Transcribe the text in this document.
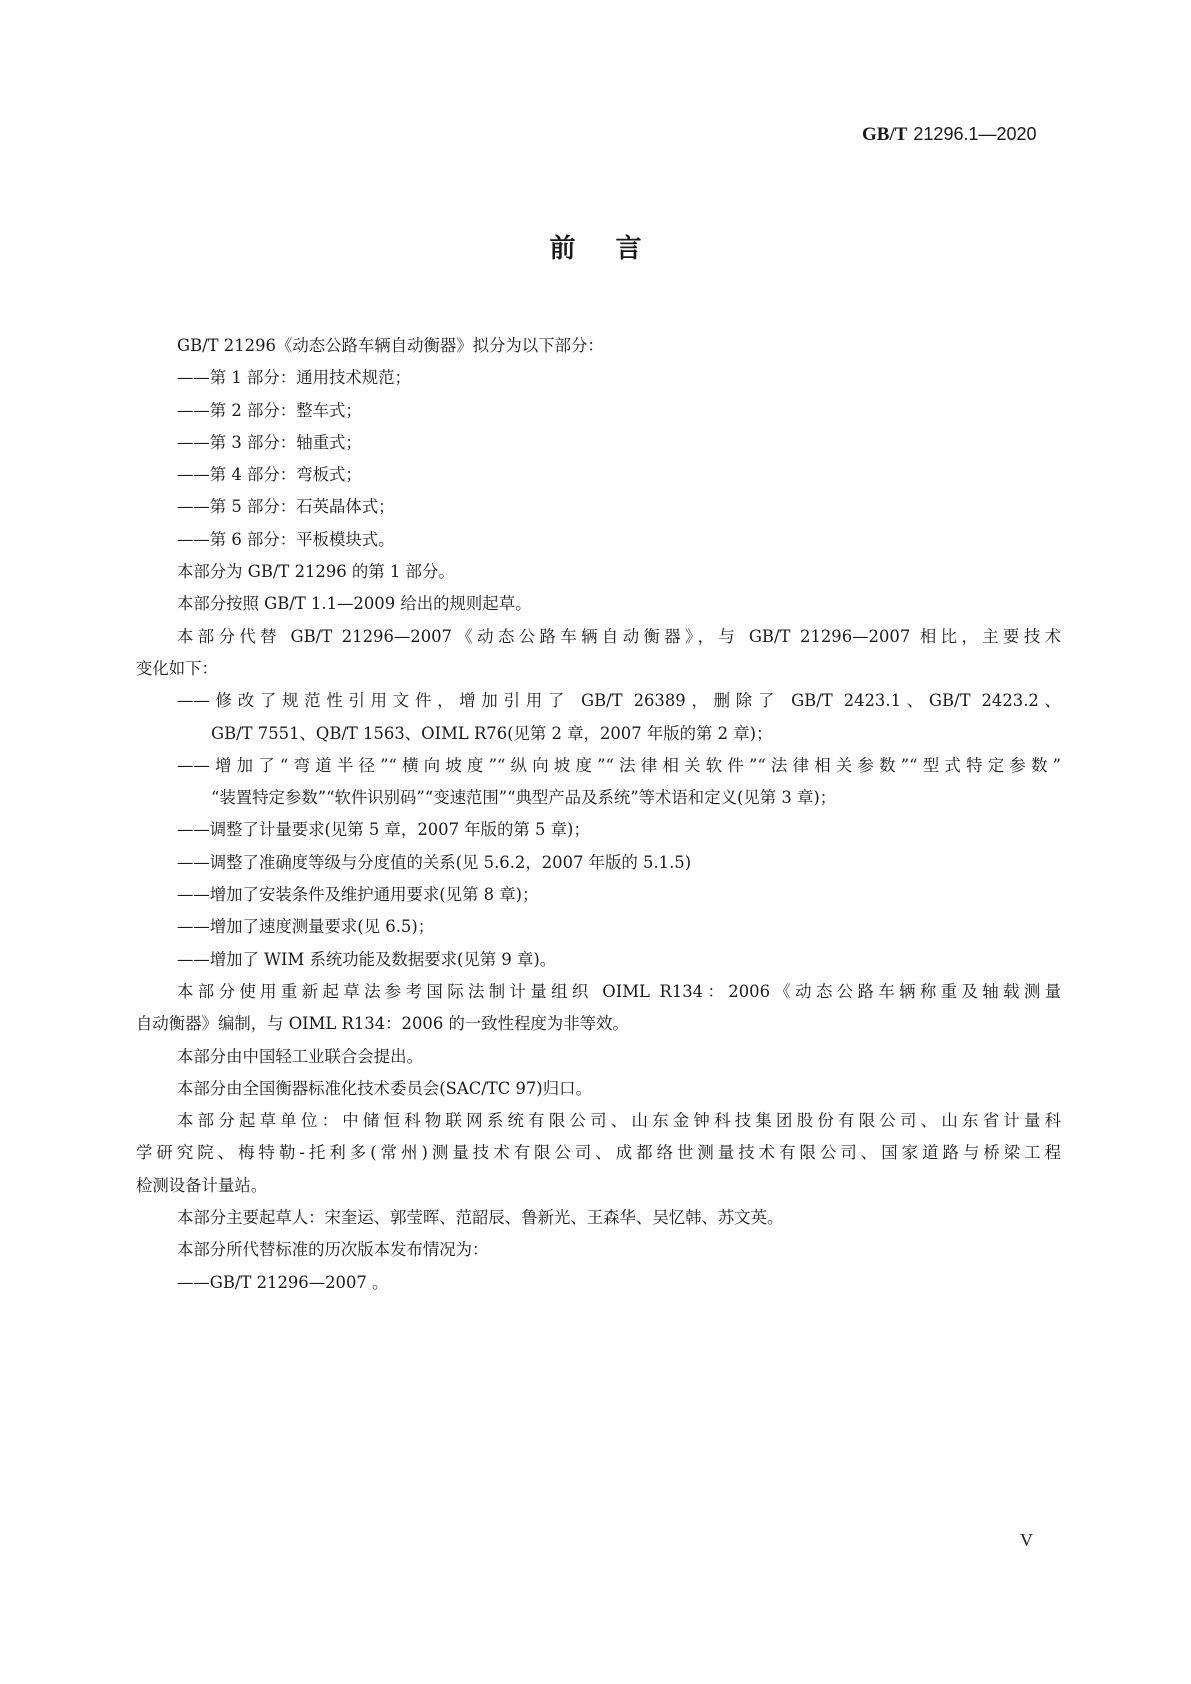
GB/T 21296.1—2020
前言
GB/T 21296《动态公路车辆自动衡器》拟分为以下部分：
——第 1 部分：通用技术规范；
——第 2 部分：整车式；
——第 3 部分：轴重式；
——第 4 部分：弯板式；
——第 5 部分：石英晶体式；
——第 6 部分：平板模块式。
本部分为 GB/T 21296 的第 1 部分。
本部分按照 GB/T 1.1—2009 给出的规则起草。
本部分代替 GB/T 21296—2007《动态公路车辆自动衡器》，与 GB/T 21296—2007 相比，主要技术
变化如下：
——修改了规范性引用文件，增加引用了 GB/T 26389，删除了 GB/T 2423.1、GB/T 2423.2、
GB/T 7551、QB/T 1563、OIML R76(见第 2 章，2007 年版的第 2 章)；
——增加了“弯道半径”“横向坡度”“纵向坡度”“法律相关软件”“法律相关参数”“型式特定参数”
“装置特定参数”“软件识别码”“变速范围”“典型产品及系统”等术语和定义(见第 3 章)；
——调整了计量要求(见第 5 章，2007 年版的第 5 章)；
——调整了准确度等级与分度值的关系(见 5.6.2，2007 年版的 5.1.5)
——增加了安装条件及维护通用要求(见第 8 章)；
——增加了速度测量要求(见 6.5)；
——增加了 WIM 系统功能及数据要求(见第 9 章)。
本部分使用重新起草法参考国际法制计量组织 OIML R134：2006《动态公路车辆称重及轴载测量
自动衡器》编制，与 OIML R134：2006 的一致性程度为非等效。
本部分由中国轻工业联合会提出。
本部分由全国衡器标准化技术委员会(SAC/TC 97)归口。
本部分起草单位：中储恒科物联网系统有限公司、山东金钟科技集团股份有限公司、山东省计量科
学研究院、梅特勒-托利多(常州)测量技术有限公司、成都络世测量技术有限公司、国家道路与桥梁工程
检测设备计量站。
本部分主要起草人：宋奎运、郭莹晖、范韶辰、鲁新光、王森华、吴忆韩、苏文英。
本部分所代替标准的历次版本发布情况为：
——GB/T 21296—2007 。
V
